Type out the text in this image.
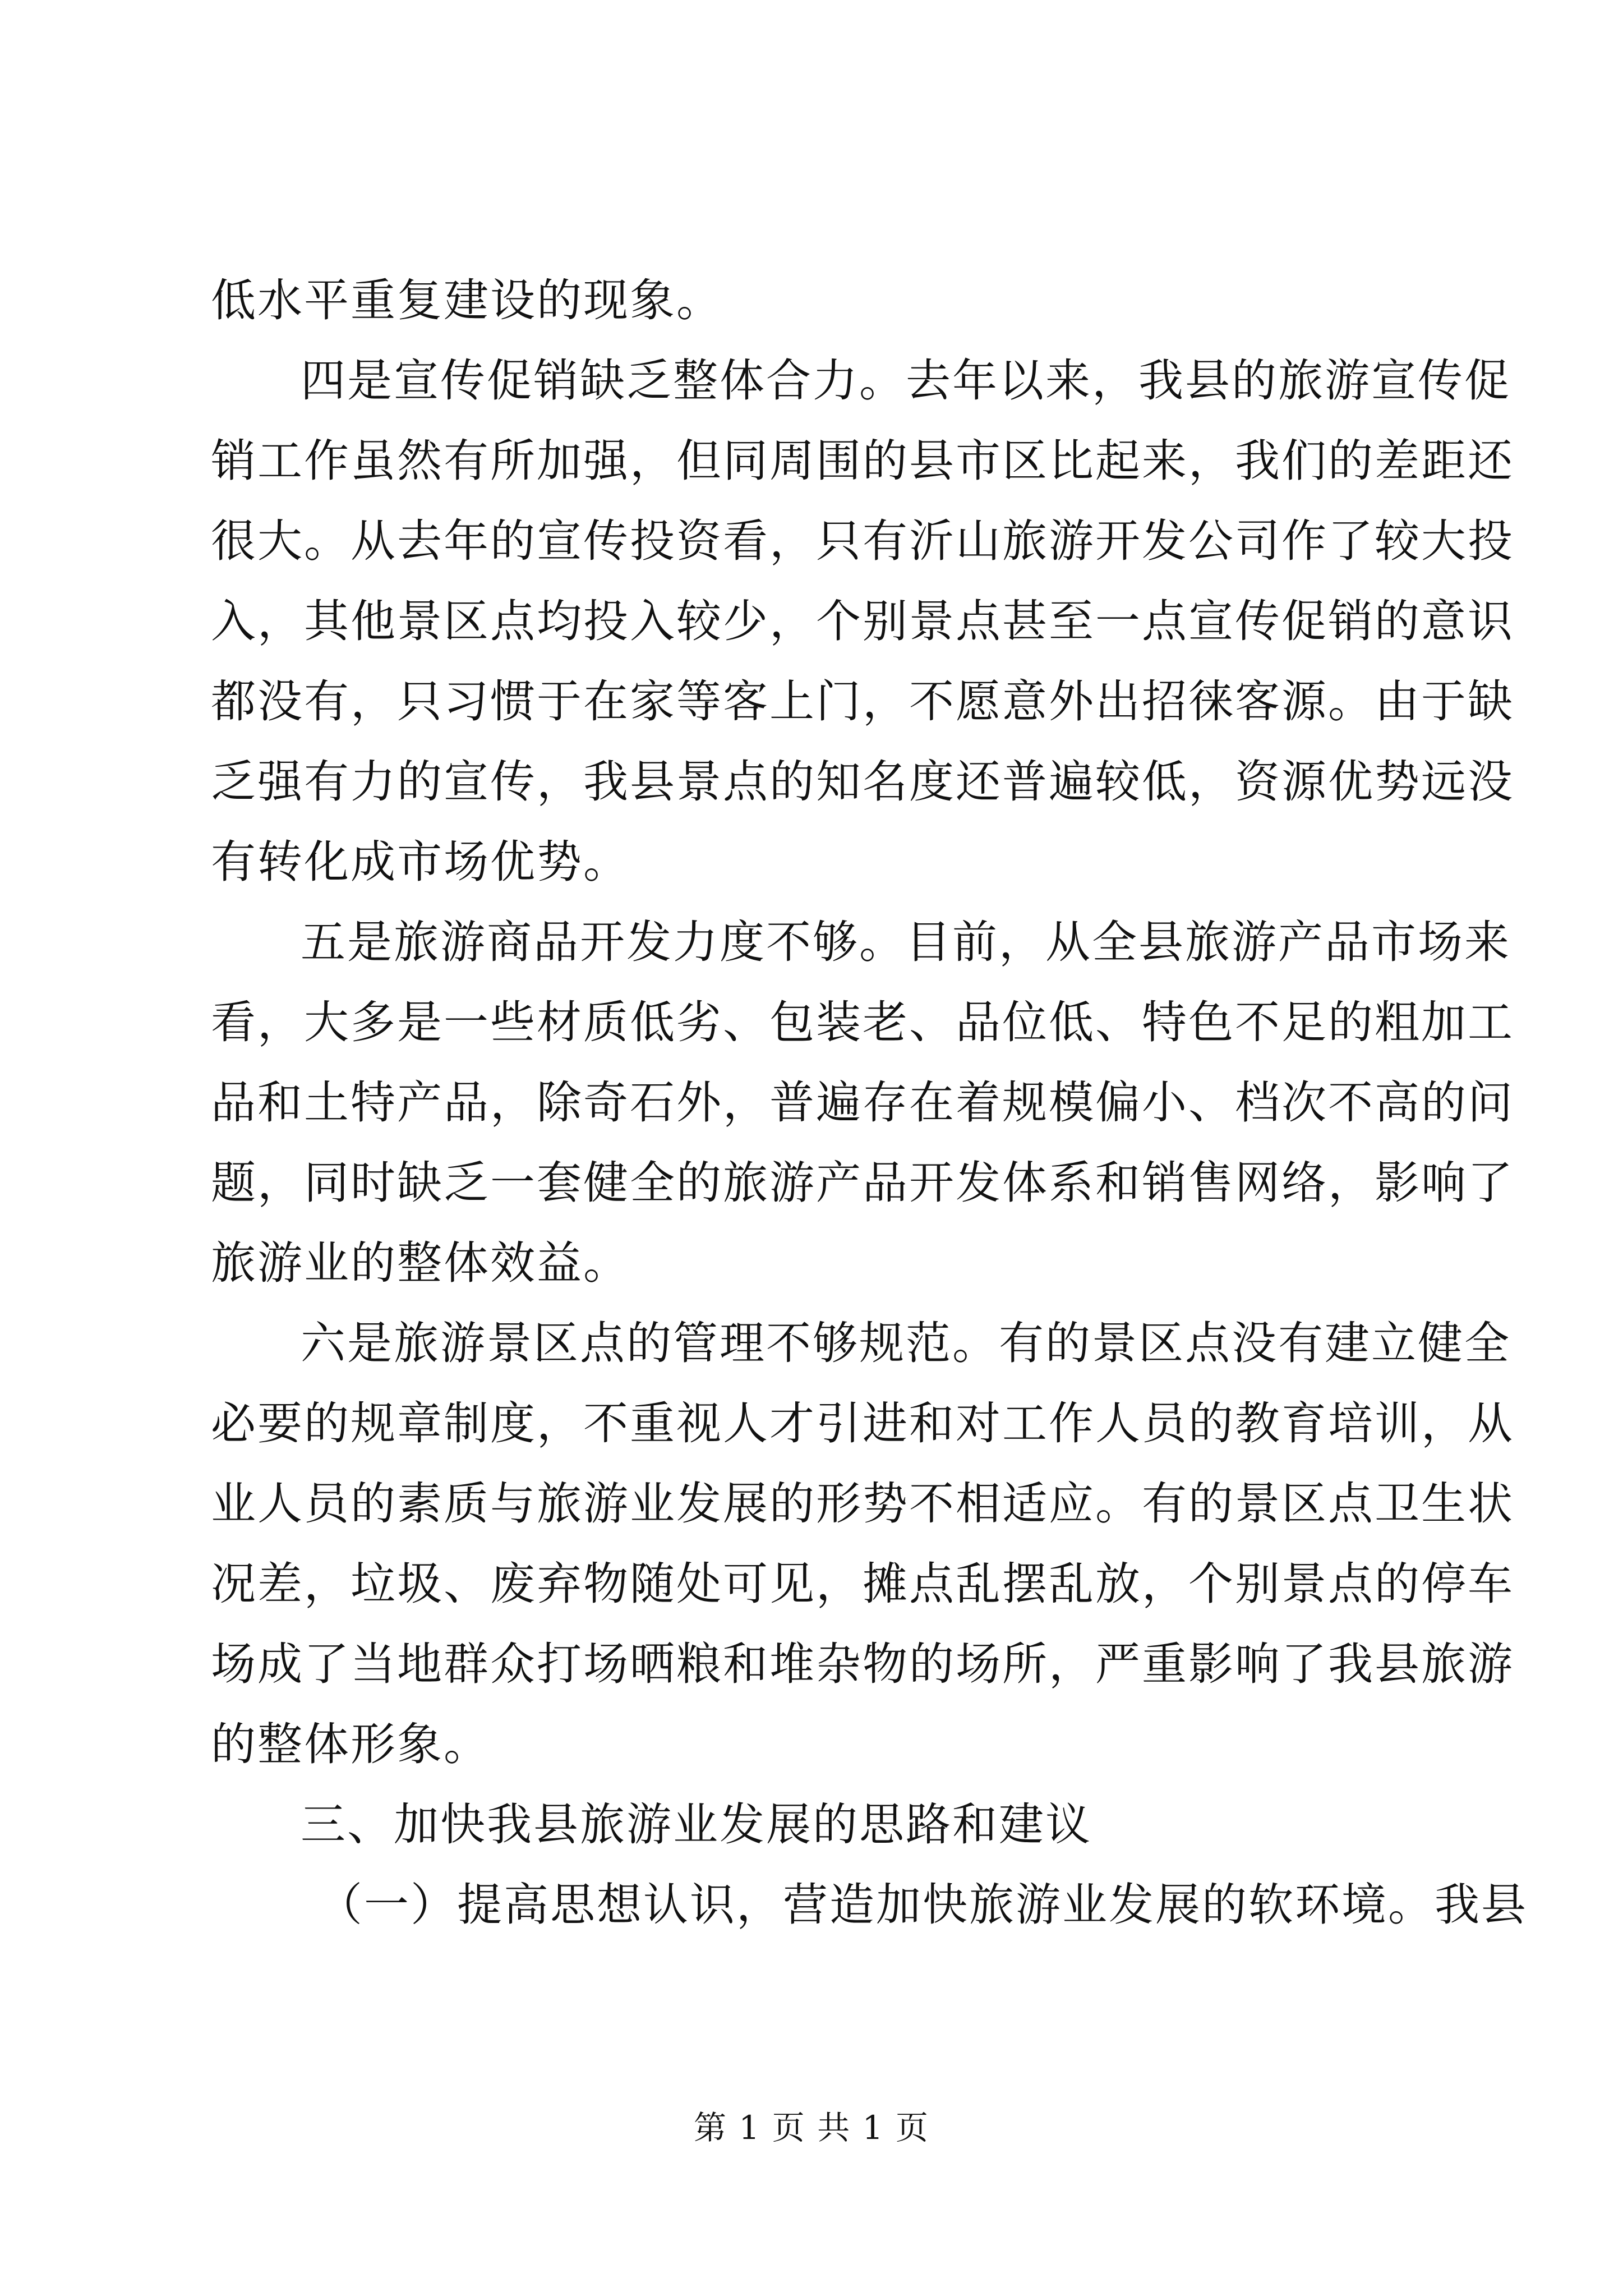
低水平重复建设的现象。
四是宣传促销缺乏整体合力。去年以来，我县的旅游宣传促
销工作虽然有所加强，但同周围的县市区比起来，我们的差距还
很大。从去年的宣传投资看，只有沂山旅游开发公司作了较大投
入，其他景区点均投入较少，个别景点甚至一点宣传促销的意识
都没有，只习惯于在家等客上门，不愿意外出招徕客源。由于缺
乏强有力的宣传，我县景点的知名度还普遍较低，资源优势远没
有转化成市场优势。
五是旅游商品开发力度不够。目前，从全县旅游产品市场来
看，大多是一些材质低劣、包装老、品位低、特色不足的粗加工
品和土特产品，除奇石外，普遍存在着规模偏小、档次不高的问
题，同时缺乏一套健全的旅游产品开发体系和销售网络，影响了
旅游业的整体效益。
六是旅游景区点的管理不够规范。有的景区点没有建立健全
必要的规章制度，不重视人才引进和对工作人员的教育培训，从
业人员的素质与旅游业发展的形势不相适应。有的景区点卫生状
况差，垃圾、废弃物随处可见，摊点乱摆乱放，个别景点的停车
场成了当地群众打场晒粮和堆杂物的场所，严重影响了我县旅游
的整体形象。
三、加快我县旅游业发展的思路和建议
（一）提高思想认识，营造加快旅游业发展的软环境。我县
第 1 页 共 1 页
